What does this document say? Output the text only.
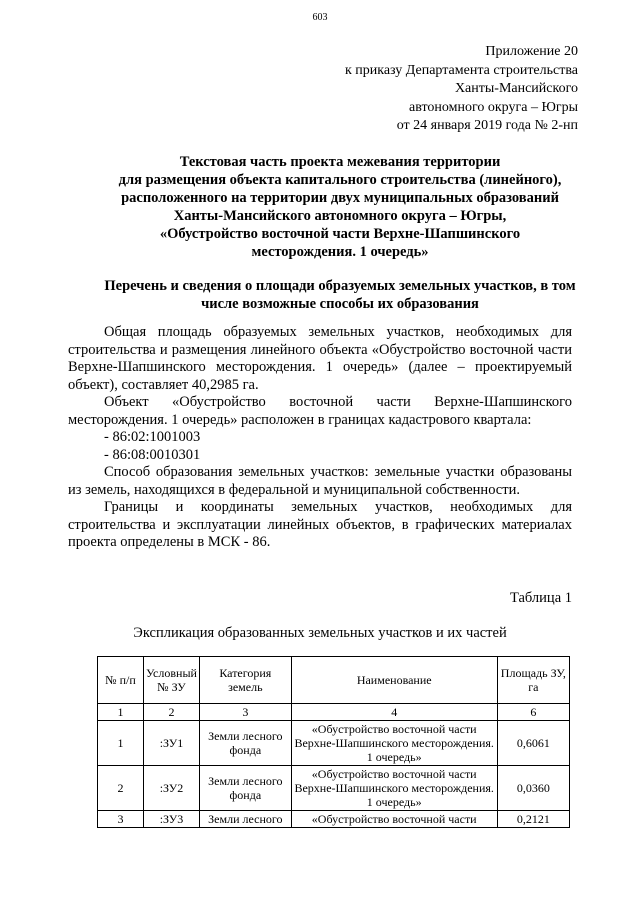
603
Приложение 20
к приказу Департамента строительства
Ханты-Мансийского
автономного округа – Югры
от 24 января 2019 года № 2-нп
Текстовая часть проекта межевания территории
для размещения объекта капитального строительства (линейного),
расположенного на территории двух муниципальных образований
Ханты-Мансийского автономного округа – Югры,
«Обустройство восточной части Верхне-Шапшинского
месторождения. 1 очередь»
Перечень и сведения о площади образуемых земельных участков, в том числе возможные способы их образования

Общая площадь образуемых земельных участков, необходимых для строительства и размещения линейного объекта «Обустройство восточной части Верхне-Шапшинского месторождения. 1 очередь» (далее – проектируемый объект), составляет 40,2985 га.

Объект «Обустройство восточной части Верхне-Шапшинского месторождения. 1 очередь» расположен в границах кадастрового квартала:

- 86:02:1001003

- 86:08:0010301

Способ образования земельных участков: земельные участки образованы из земель, находящихся в федеральной и муниципальной собственности.

Границы и координаты земельных участков, необходимых для строительства и эксплуатации линейных объектов, в графических материалах проекта определены в МСК - 86.

Таблица 1
Экспликация образованных земельных участков и их частей
№ п/п	Условный № ЗУ	Категория земель	Наименование	Площадь ЗУ, га
1	2	3	4	6
1	:ЗУ1	Земли лесного фонда	«Обустройство восточной части Верхне-Шапшинского месторождения. 1 очередь»	0,6061
2	:ЗУ2	Земли лесного фонда	«Обустройство восточной части Верхне-Шапшинского месторождения. 1 очередь»	0,0360
3	:ЗУ3	Земли лесного	«Обустройство восточной части	0,2121
